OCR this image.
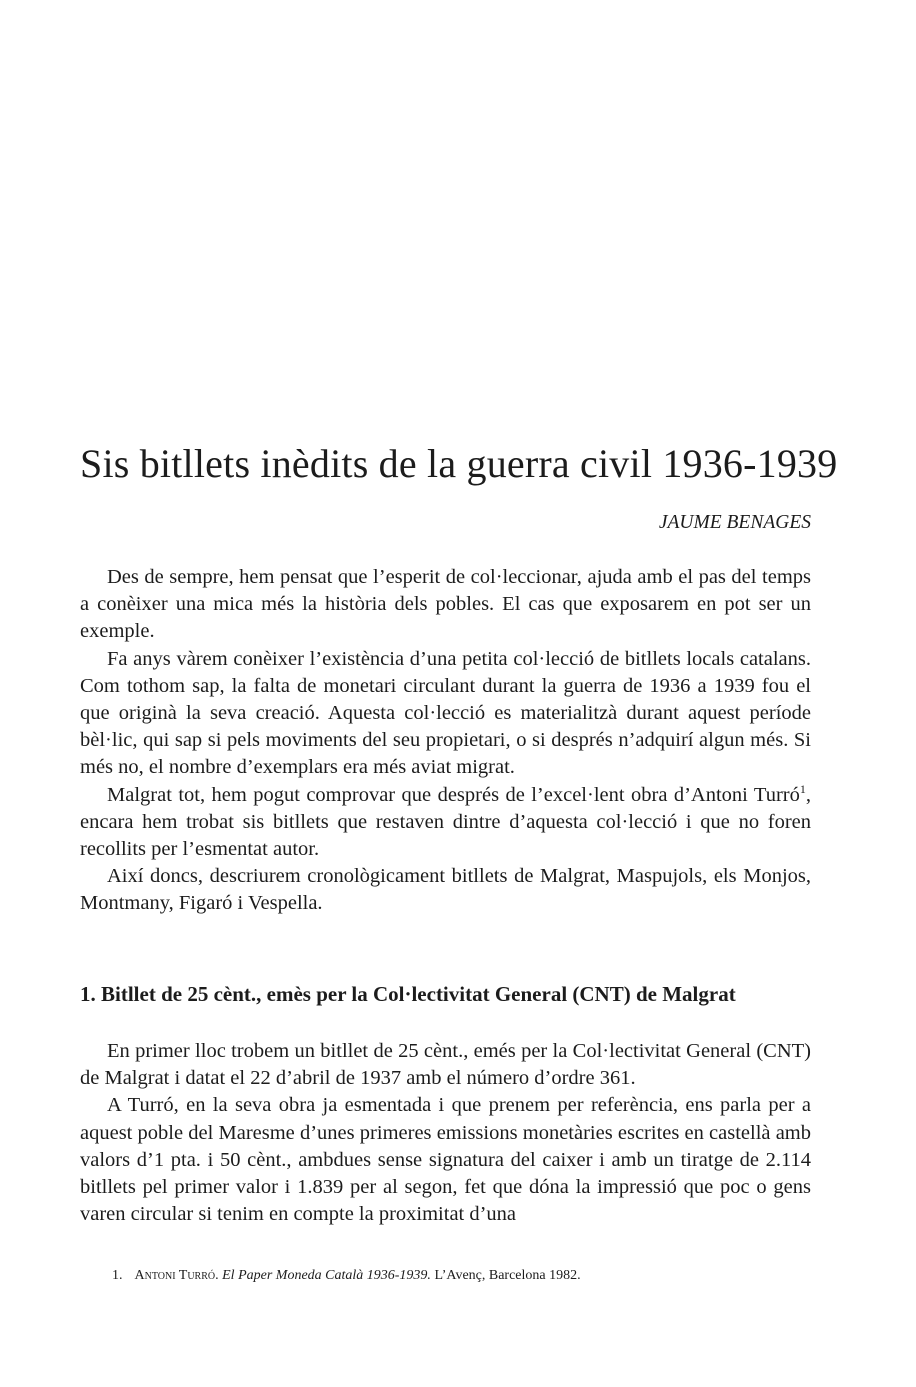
Sis bitllets inèdits de la guerra civil 1936-1939

JAUME BENAGES

Des de sempre, hem pensat que l’esperit de col·leccionar, ajuda amb el pas del temps a conèixer una mica més la història dels pobles. El cas que exposarem en pot ser un exemple.

Fa anys vàrem conèixer l’existència d’una petita col·lecció de bitllets locals catalans. Com tothom sap, la falta de monetari circulant durant la guerra de 1936 a 1939 fou el que originà la seva creació. Aquesta col·lecció es materialitzà durant aquest període bèl·lic, qui sap si pels moviments del seu propietari, o si després n’adquirí algun més. Si més no, el nombre d’exemplars era més aviat migrat.

Malgrat tot, hem pogut comprovar que després de l’excel·lent obra d’Antoni Turró$^1$, encara hem trobat sis bitllets que restaven dintre d’aquesta col·lecció i que no foren recollits per l’esmentat autor.

Així doncs, descriurem cronològicament bitllets de Malgrat, Maspujols, els Monjos, Montmany, Figaró i Vespella.

1. Bitllet de 25 cènt., emès per la Col·lectivitat General (CNT) de Malgrat

En primer lloc trobem un bitllet de 25 cènt., emés per la Col·lectivitat General (CNT) de Malgrat i datat el 22 d’abril de 1937 amb el número d’ordre 361.

A Turró, en la seva obra ja esmentada i que prenem per referència, ens parla per a aquest poble del Maresme d’unes primeres emissions monetàries escrites en castellà amb valors d’1 pta. i 50 cènt., ambdues sense signatura del caixer i amb un tiratge de 2.114 bitllets pel primer valor i 1.839 per al segon, fet que dóna la impressió que poc o gens varen circular si tenim en compte la proximitat d’una

1. Antoni Turró. El Paper Moneda Català 1936-1939. L’Avenç, Barcelona 1982.
